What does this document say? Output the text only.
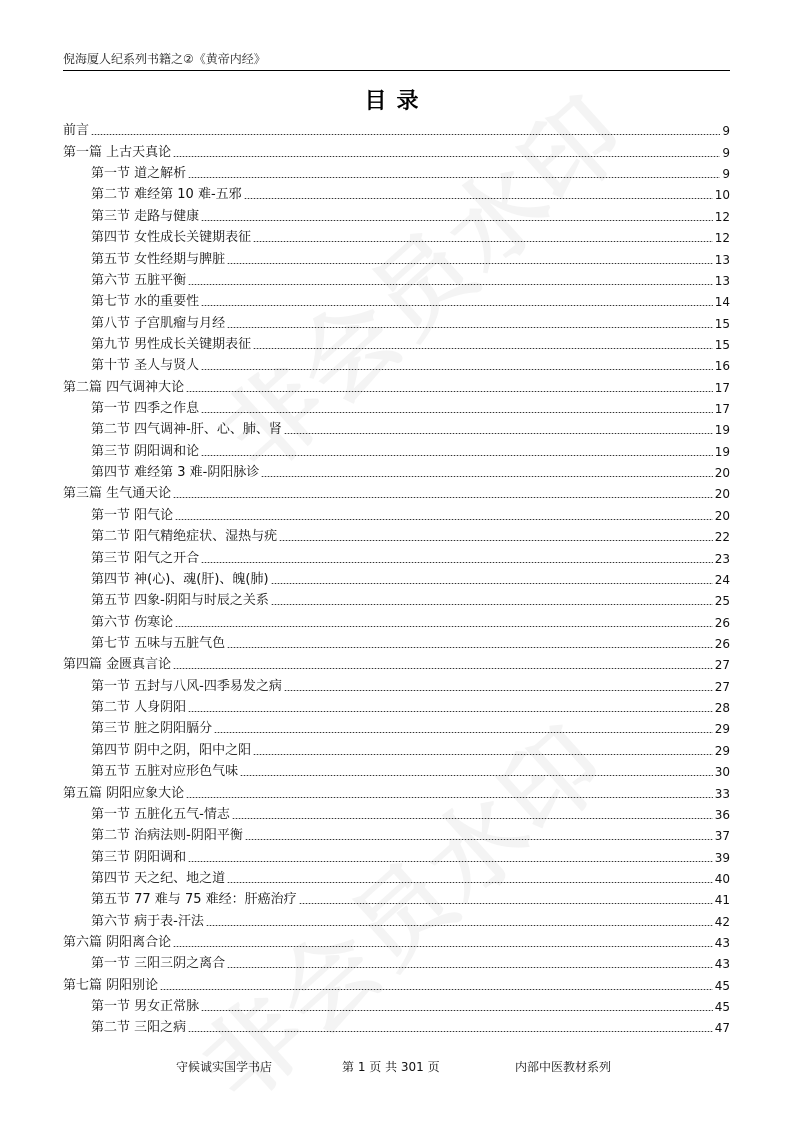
倪海厦人纪系列书籍之②《黄帝内经》
目录
前言	9
第一篇 上古天真论	9
第一节 道之解析	9
第二节 难经第 10 难-五邪	10
第三节 走路与健康	12
第四节 女性成长关键期表征	12
第五节 女性经期与脾脏	13
第六节 五脏平衡	13
第七节 水的重要性	14
第八节 子宫肌瘤与月经	15
第九节 男性成长关键期表征	15
第十节 圣人与贤人	16
第二篇 四气调神大论	17
第一节 四季之作息	17
第二节 四气调神-肝、心、肺、肾	19
第三节 阴阳调和论	19
第四节 难经第 3 难-阴阳脉诊	20
第三篇 生气通天论	20
第一节 阳气论	20
第二节 阳气精绝症状、湿热与疣	22
第三节 阳气之开合	23
第四节 神(心)、魂(肝)、魄(肺)	24
第五节 四象-阴阳与时辰之关系	25
第六节 伤寒论	26
第七节 五味与五脏气色	26
第四篇 金匮真言论	27
第一节 五封与八风-四季易发之病	27
第二节 人身阴阳	28
第三节 脏之阴阳膈分	29
第四节 阴中之阴，阳中之阳	29
第五节 五脏对应形色气味	30
第五篇 阴阳应象大论	33
第一节 五脏化五气-情志	36
第二节 治病法则-阴阳平衡	37
第三节 阴阳调和	39
第四节 天之纪、地之道	40
第五节 77 难与 75 难经：肝癌治疗	41
第六节 病于表-汗法	42
第六篇 阴阳离合论	43
第一节 三阳三阴之离合	43
第七篇 阴阳别论	45
第一节 男女正常脉	45
第二节 三阳之病	47
守候诚实国学书店	第 1 页 共 301 页	内部中医教材系列
